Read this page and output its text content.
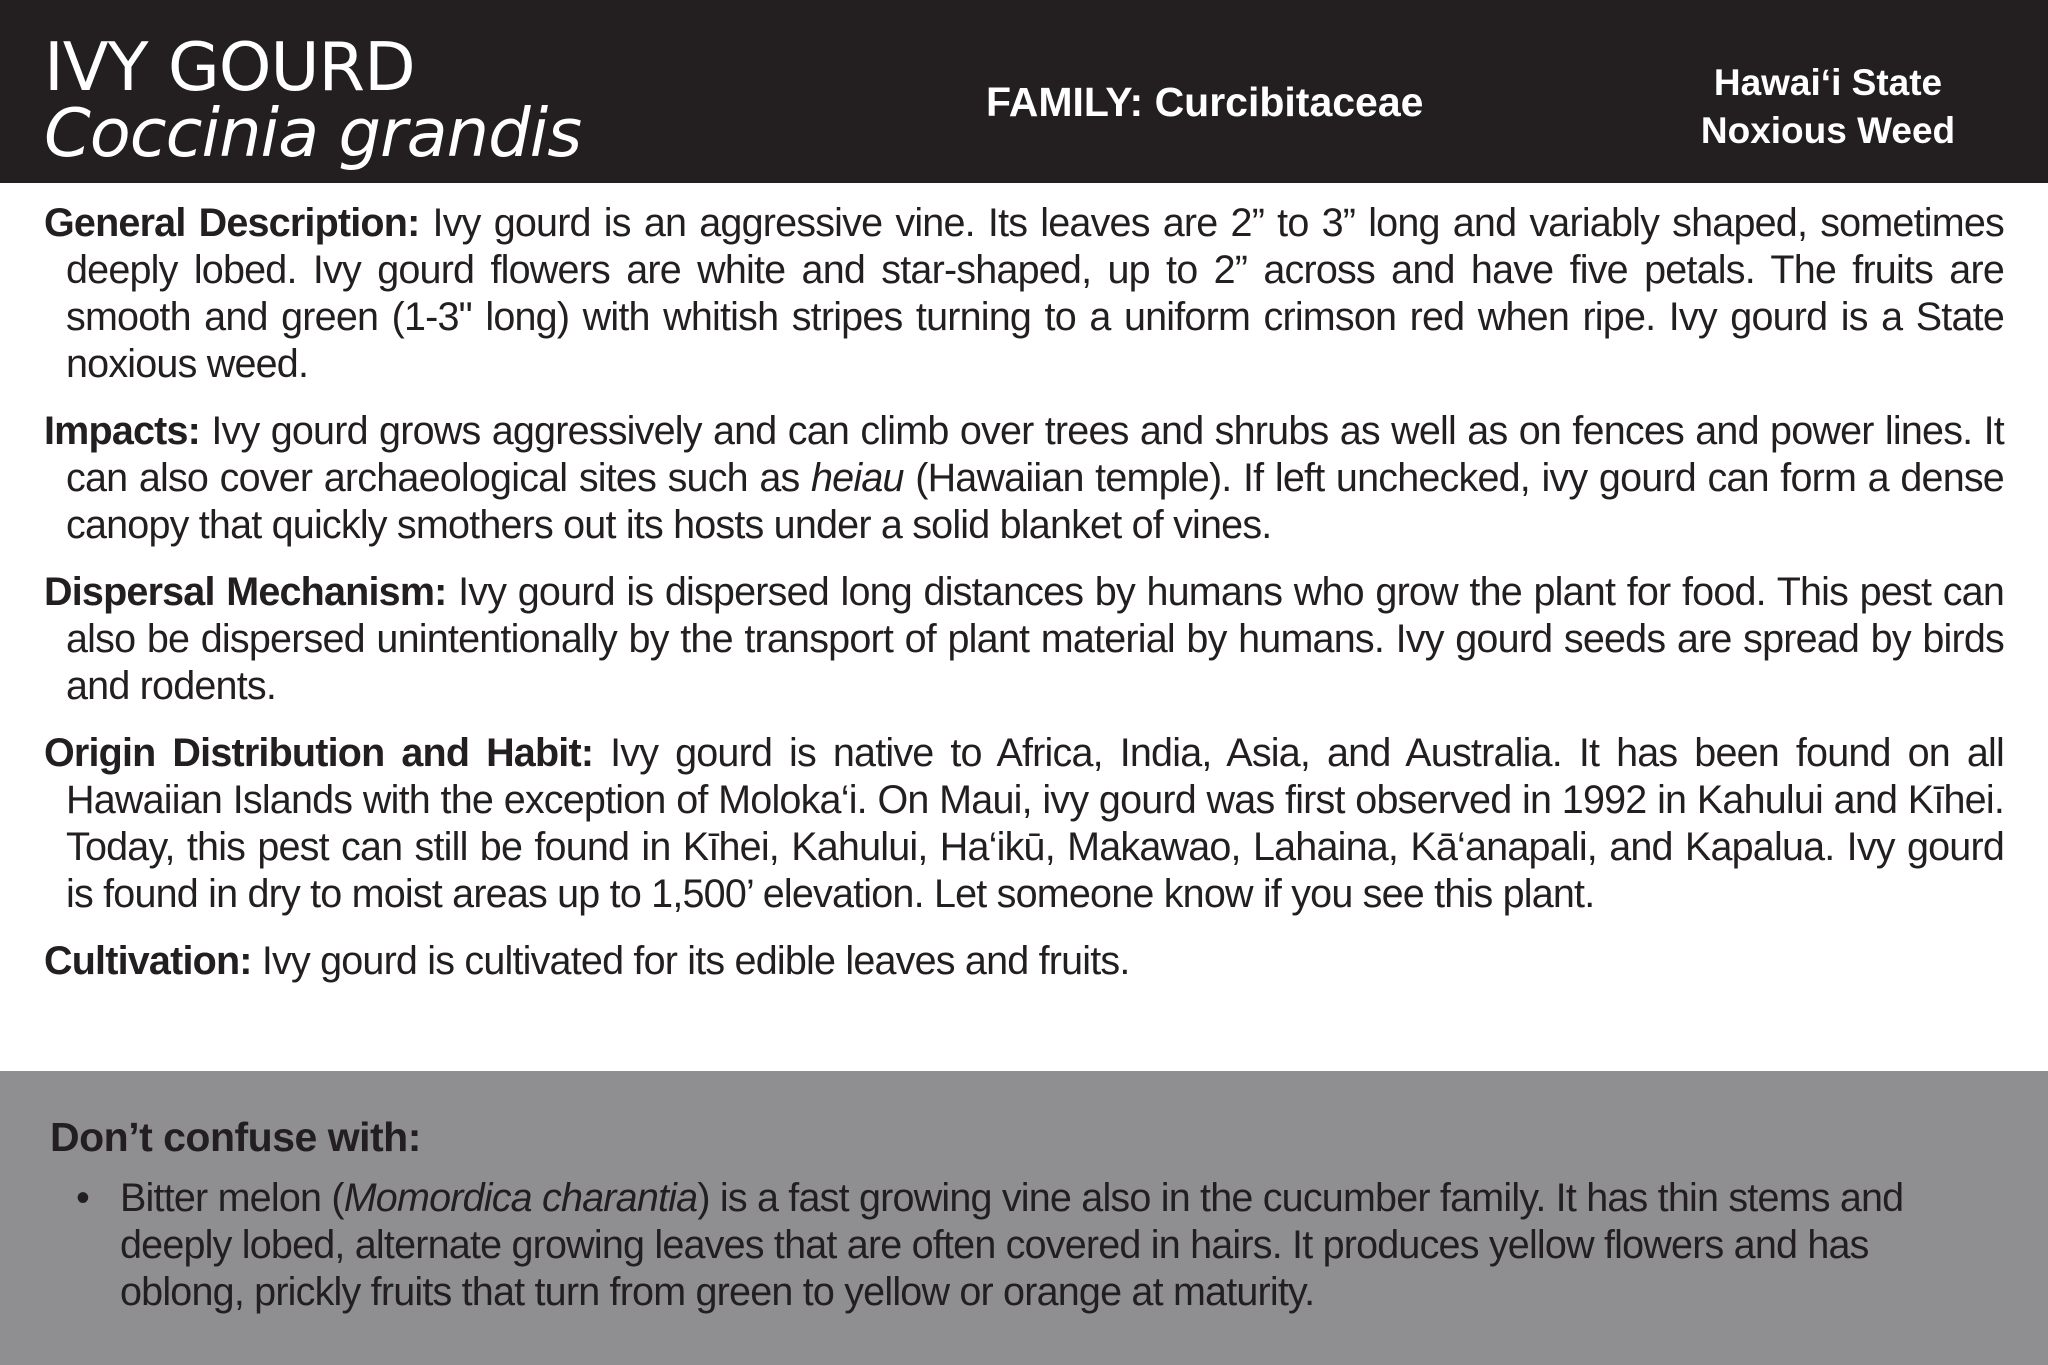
IVY GOURD
Coccinia grandis	FAMILY: Curcibitaceae	Hawai‘i State
Noxious Weed

General Description: Ivy gourd is an aggressive vine. Its leaves are 2” to 3” long and variably shaped, sometimes deeply lobed. Ivy gourd flowers are white and star-shaped, up to 2” across and have five petals. The fruits are smooth and green (1-3" long) with whitish stripes turning to a uniform crimson red when ripe. Ivy gourd is a State noxious weed.

Impacts: Ivy gourd grows aggressively and can climb over trees and shrubs as well as on fences and power lines. It can also cover archaeological sites such as heiau (Hawaiian temple). If left unchecked, ivy gourd can form a dense canopy that quickly smothers out its hosts under a solid blanket of vines.

Dispersal Mechanism: Ivy gourd is dispersed long distances by humans who grow the plant for food. This pest can also be dispersed unintentionally by the transport of plant material by humans. Ivy gourd seeds are spread by birds and rodents.

Origin Distribution and Habit: Ivy gourd is native to Africa, India, Asia, and Australia. It has been found on all Hawaiian Islands with the exception of Moloka‘i. On Maui, ivy gourd was first observed in 1992 in Kahului and Kīhei. Today, this pest can still be found in Kīhei, Kahului, Ha‘ikū, Makawao, Lahaina, Kā‘anapali, and Kapalua. Ivy gourd is found in dry to moist areas up to 1,500’ elevation. Let someone know if you see this plant.

Cultivation: Ivy gourd is cultivated for its edible leaves and fruits.

Don’t confuse with:
• Bitter melon (Momordica charantia) is a fast growing vine also in the cucumber family. It has thin stems and deeply lobed, alternate growing leaves that are often covered in hairs. It produces yellow flowers and has oblong, prickly fruits that turn from green to yellow or orange at maturity.
